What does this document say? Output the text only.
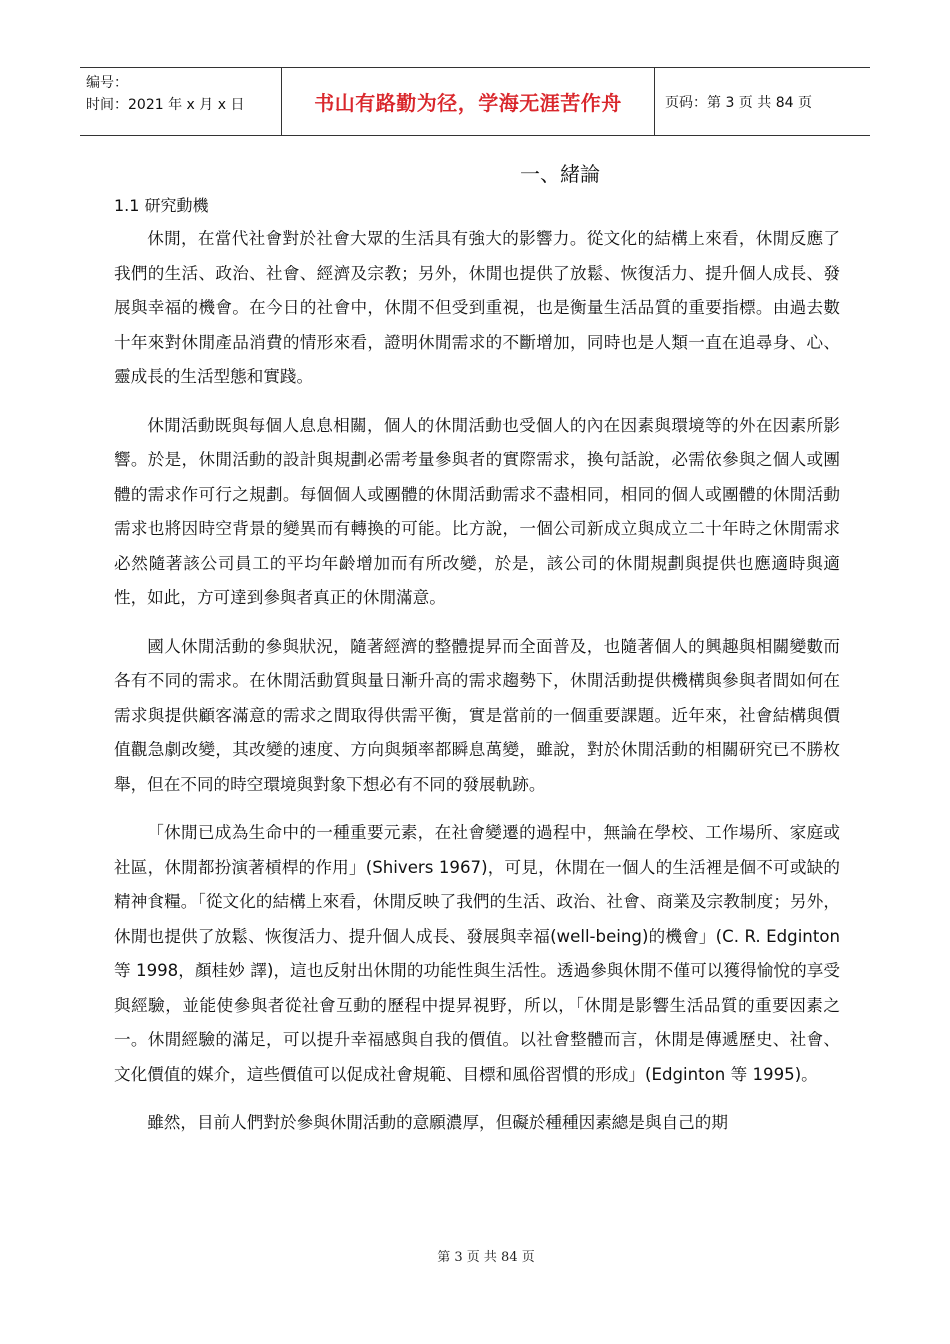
编号：
时间：2021 年 x 月 x 日	书山有路勤为径，学海无涯苦作舟	页码：第 3 页 共 84 页
一、緒論
1.1 研究動機

休閒，在當代社會對於社會大眾的生活具有強大的影響力。從文化的結構上來看，休閒反應了我們的生活、政治、社會、經濟及宗教；另外，休閒也提供了放鬆、恢復活力、提升個人成長、發展與幸福的機會。在今日的社會中，休閒不但受到重視，也是衡量生活品質的重要指標。由過去數十年來對休閒產品消費的情形來看，證明休閒需求的不斷增加，同時也是人類一直在追尋身、心、靈成長的生活型態和實踐。

休閒活動既與每個人息息相關，個人的休閒活動也受個人的內在因素與環境等的外在因素所影響。於是，休閒活動的設計與規劃必需考量參與者的實際需求，換句話說，必需依參與之個人或團體的需求作可行之規劃。每個個人或團體的休閒活動需求不盡相同，相同的個人或團體的休閒活動需求也將因時空背景的變異而有轉換的可能。比方說，一個公司新成立與成立二十年時之休閒需求必然隨著該公司員工的平均年齡增加而有所改變，於是，該公司的休閒規劃與提供也應適時與適性，如此，方可達到參與者真正的休閒滿意。

國人休閒活動的參與狀況，隨著經濟的整體提昇而全面普及，也隨著個人的興趣與相關變數而各有不同的需求。在休閒活動質與量日漸升高的需求趨勢下，休閒活動提供機構與參與者間如何在需求與提供顧客滿意的需求之間取得供需平衡，實是當前的一個重要課題。近年來，社會結構與價值觀急劇改變，其改變的速度、方向與頻率都瞬息萬變，雖說，對於休閒活動的相關研究已不勝枚舉，但在不同的時空環境與對象下想必有不同的發展軌跡。

「休閒已成為生命中的一種重要元素，在社會變遷的過程中，無論在學校、工作場所、家庭或社區，休閒都扮演著槓桿的作用」(Shivers 1967)，可見，休閒在一個人的生活裡是個不可或缺的精神食糧。「從文化的結構上來看，休閒反映了我們的生活、政治、社會、商業及宗教制度；另外，休閒也提供了放鬆、恢復活力、提升個人成長、發展與幸福(well-being)的機會」(C. R. Edginton 等 1998，顏桂妙 譯)，這也反射出休閒的功能性與生活性。透過參與休閒不僅可以獲得愉悅的享受與經驗，並能使參與者從社會互動的歷程中提昇視野，所以，「休閒是影響生活品質的重要因素之一。休閒經驗的滿足，可以提升幸福感與自我的價值。以社會整體而言，休閒是傳遞歷史、社會、文化價值的媒介，這些價值可以促成社會規範、目標和風俗習慣的形成」(Edginton 等 1995)。

雖然，目前人們對於參與休閒活動的意願濃厚，但礙於種種因素總是與自己的期

第 3 页 共 84 页
